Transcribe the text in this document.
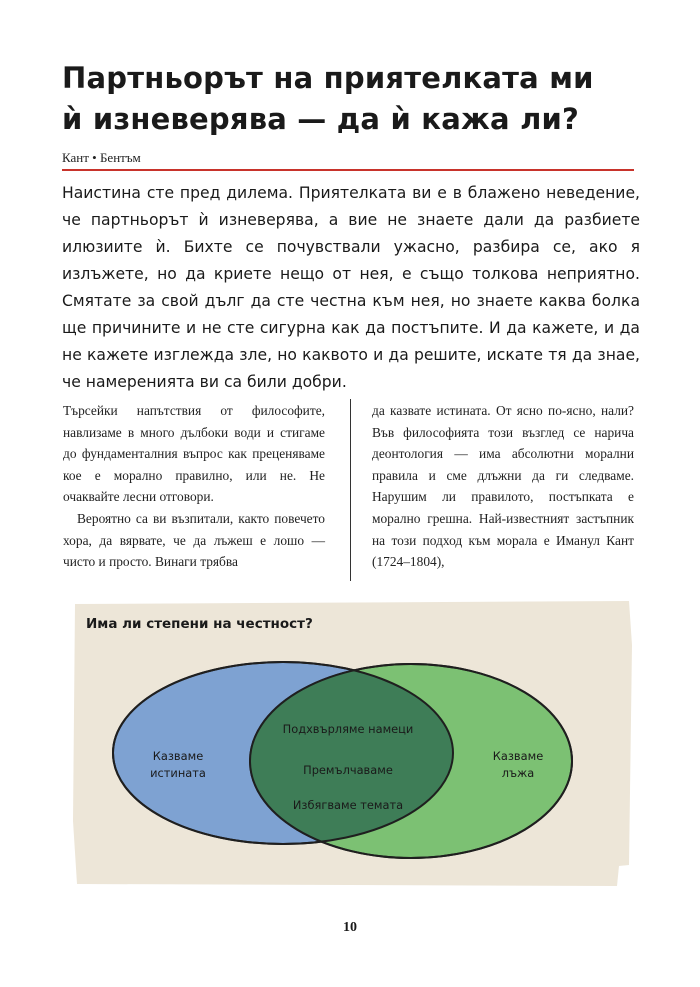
Партньорът на приятелката ми
ѝ изневерява — да ѝ кажа ли?
Кант • Бентъм

Наистина сте пред дилема. Приятелката ви е в блажено неведение, че партньорът ѝ изневерява, а вие не знаете дали да разбиете илюзиите ѝ. Бихте се почувствали ужасно, разбира се, ако я излъжете, но да криете нещо от нея, е също толкова неприятно. Смятате за свой дълг да сте честна към нея, но знаете каква болка ще причините и не сте сигурна как да постъпите. И да кажете, и да не кажете изглежда зле, но каквото и да решите, искате тя да знае, че намеренията ви са били добри.

Търсейки напътствия от философите, навлизаме в много дълбоки води и стигаме до фундаменталния въпрос как преценяваме кое е морално правилно, или не. Не очаквайте лесни отговори.

Вероятно са ви възпитали, както повечето хора, да вярвате, че да лъжеш е лошо — чисто и просто. Винаги трябва

да казвате истината. От ясно по-ясно, нали? Във философията този възглед се нарича деонтология — има абсолютни морални правила и сме длъжни да ги следваме. Нарушим ли правилото, постъпката е морално грешна. Най-известният застъпник на този подход към морала е Иманул Кант (1724–1804),

Има ли степени на честност?
Казваме
истината
Казваме
лъжа
Подхвърляме намеци
Премълчаваме
Избягваме темата
10
